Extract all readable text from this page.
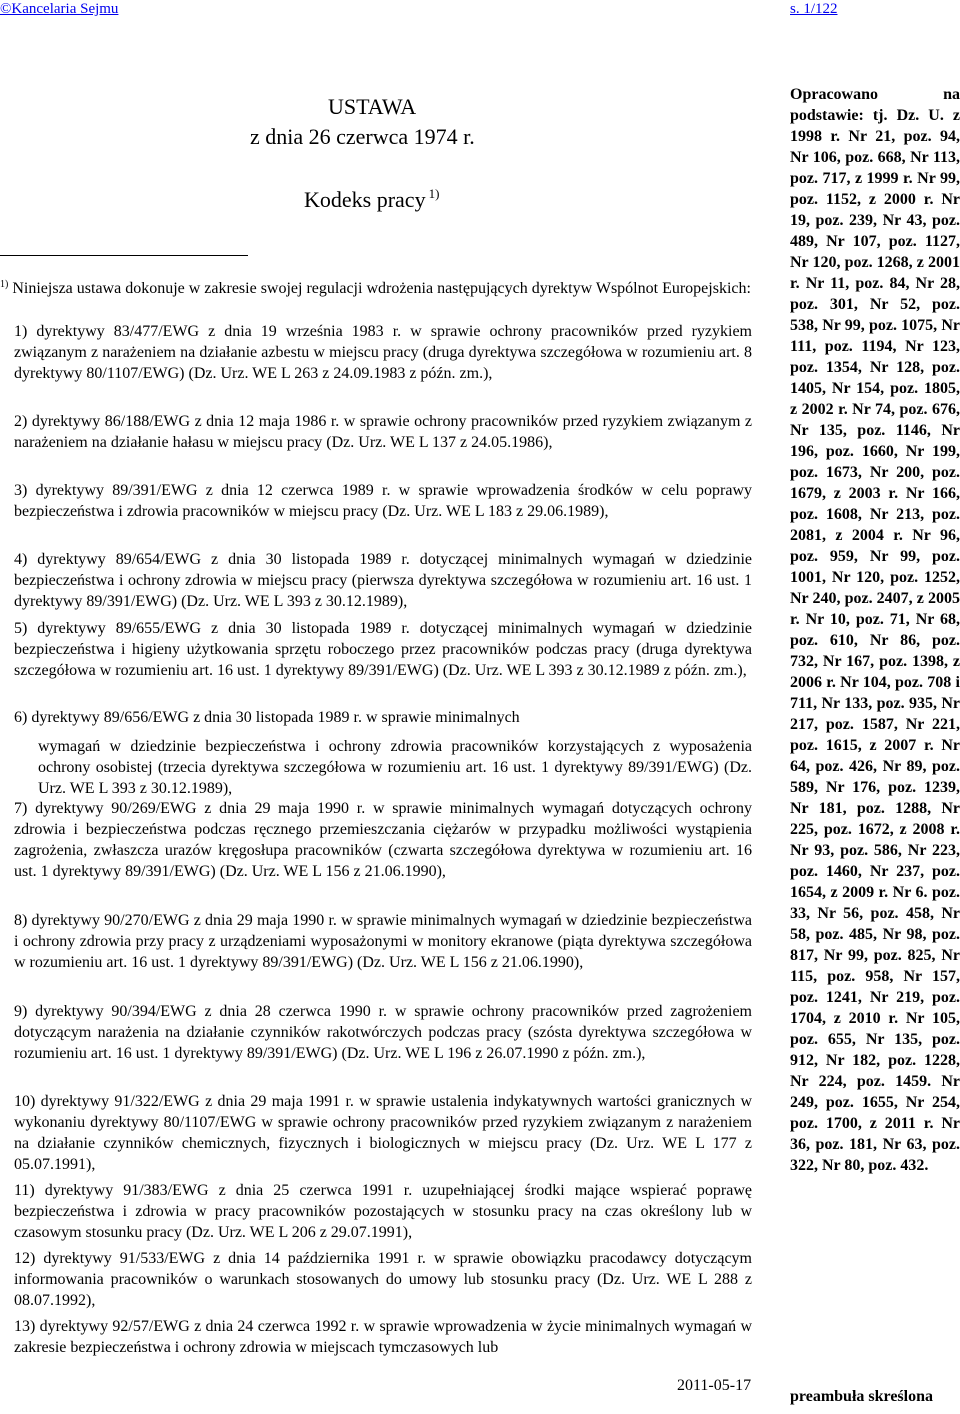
©Kancelaria Sejmu	s. 1/122
USTAWA
z dnia 26 czerwca 1974 r.
Kodeks pracy $^{1)}$
$^{1)}$ Niniejsza ustawa dokonuje w zakresie swojej regulacji wdrożenia następujących dyrektyw Wspólnot Europejskich:
1) dyrektywy 83/477/EWG z dnia 19 września 1983 r. w sprawie ochrony pracowników przed ryzykiem związanym z narażeniem na działanie azbestu w miejscu pracy (druga dyrektywa szczegółowa w rozumieniu art. 8 dyrektywy 80/1107/EWG) (Dz. Urz. WE L 263 z 24.09.1983 z późn. zm.),
2) dyrektywy 86/188/EWG z dnia 12 maja 1986 r. w sprawie ochrony pracowników przed ryzykiem związanym z narażeniem na działanie hałasu w miejscu pracy (Dz. Urz. WE L 137 z 24.05.1986),
3) dyrektywy 89/391/EWG z dnia 12 czerwca 1989 r. w sprawie wprowadzenia środków w celu poprawy bezpieczeństwa i zdrowia pracowników w miejscu pracy (Dz. Urz. WE L 183 z 29.06.1989),
4) dyrektywy 89/654/EWG z dnia 30 listopada 1989 r. dotyczącej minimalnych wymagań w dziedzinie bezpieczeństwa i ochrony zdrowia w miejscu pracy (pierwsza dyrektywa szczegółowa w rozumieniu art. 16 ust. 1 dyrektywy 89/391/EWG) (Dz. Urz. WE L 393 z 30.12.1989),
5) dyrektywy 89/655/EWG z dnia 30 listopada 1989 r. dotyczącej minimalnych wymagań w dziedzinie bezpieczeństwa i higieny użytkowania sprzętu roboczego przez pracowników podczas pracy (druga dyrektywa szczegółowa w rozumieniu art. 16 ust. 1 dyrektywy 89/391/EWG) (Dz. Urz. WE L 393 z 30.12.1989 z późn. zm.),
6) dyrektywy 89/656/EWG z dnia 30 listopada 1989 r. w sprawie minimalnych
wymagań w dziedzinie bezpieczeństwa i ochrony zdrowia pracowników korzystających z wyposażenia ochrony osobistej (trzecia dyrektywa szczegółowa w rozumieniu art. 16 ust. 1 dyrektywy 89/391/EWG) (Dz. Urz. WE L 393 z 30.12.1989),
7) dyrektywy 90/269/EWG z dnia 29 maja 1990 r. w sprawie minimalnych wymagań dotyczących ochrony zdrowia i bezpieczeństwa podczas ręcznego przemieszczania ciężarów w przypadku możliwości wystąpienia zagrożenia, zwłaszcza urazów kręgosłupa pracowników (czwarta szczegółowa dyrektywa w rozumieniu art. 16 ust. 1 dyrektywy 89/391/EWG) (Dz. Urz. WE L 156 z 21.06.1990),
8) dyrektywy 90/270/EWG z dnia 29 maja 1990 r. w sprawie minimalnych wymagań w dziedzinie bezpieczeństwa i ochrony zdrowia przy pracy z urządzeniami wyposażonymi w monitory ekranowe (piąta dyrektywa szczegółowa w rozumieniu art. 16 ust. 1 dyrektywy 89/391/EWG) (Dz. Urz. WE L 156 z 21.06.1990),
9) dyrektywy 90/394/EWG z dnia 28 czerwca 1990 r. w sprawie ochrony pracowników przed zagrożeniem dotyczącym narażenia na działanie czynników rakotwórczych podczas pracy (szósta dyrektywa szczegółowa w rozumieniu art. 16 ust. 1 dyrektywy 89/391/EWG) (Dz. Urz. WE L 196 z 26.07.1990 z późn. zm.),
10) dyrektywy 91/322/EWG z dnia 29 maja 1991 r. w sprawie ustalenia indykatywnych wartości granicznych w wykonaniu dyrektywy 80/1107/EWG w sprawie ochrony pracowników przed ryzykiem związanym z narażeniem na działanie czynników chemicznych, fizycznych i biologicznych w miejscu pracy (Dz. Urz. WE L 177 z 05.07.1991),
11) dyrektywy 91/383/EWG z dnia 25 czerwca 1991 r. uzupełniającej środki mające wspierać poprawę bezpieczeństwa i zdrowia w pracy pracowników pozostających w stosunku pracy na czas określony lub w czasowym stosunku pracy (Dz. Urz. WE L 206 z 29.07.1991),
12) dyrektywy 91/533/EWG z dnia 14 października 1991 r. w sprawie obowiązku pracodawcy dotyczącym informowania pracowników o warunkach stosowanych do umowy lub stosunku pracy (Dz. Urz. WE L 288 z 08.07.1992),
13) dyrektywy 92/57/EWG z dnia 24 czerwca 1992 r. w sprawie wprowadzenia w życie minimalnych wymagań w zakresie bezpieczeństwa i ochrony zdrowia w miejscach tymczasowych lub
2011-05-17
Opracowano na podstawie: tj. Dz. U. z 1998 r. Nr 21, poz. 94, Nr 106, poz. 668, Nr 113, poz. 717, z 1999 r. Nr 99, poz. 1152, z 2000 r. Nr 19, poz. 239, Nr 43, poz. 489, Nr 107, poz. 1127, Nr 120, poz. 1268, z 2001 r. Nr 11, poz. 84, Nr 28, poz. 301, Nr 52, poz. 538, Nr 99, poz. 1075, Nr 111, poz. 1194, Nr 123, poz. 1354, Nr 128, poz. 1405, Nr 154, poz. 1805, z 2002 r. Nr 74, poz. 676, Nr 135, poz. 1146, Nr 196, poz. 1660, Nr 199, poz. 1673, Nr 200, poz. 1679, z 2003 r. Nr 166, poz. 1608, Nr 213, poz. 2081, z 2004 r. Nr 96, poz. 959, Nr 99, poz. 1001, Nr 120, poz. 1252, Nr 240, poz. 2407, z 2005 r. Nr 10, poz. 71, Nr 68, poz. 610, Nr 86, poz. 732, Nr 167, poz. 1398, z 2006 r. Nr 104, poz. 708 i 711, Nr 133, poz. 935, Nr 217, poz. 1587, Nr 221, poz. 1615, z 2007 r. Nr 64, poz. 426, Nr 89, poz. 589, Nr 176, poz. 1239, Nr 181, poz. 1288, Nr 225, poz. 1672, z 2008 r. Nr 93, poz. 586, Nr 223, poz. 1460, Nr 237, poz. 1654, z 2009 r. Nr 6. poz. 33, Nr 56, poz. 458, Nr 58, poz. 485, Nr 98, poz. 817, Nr 99, poz. 825, Nr 115, poz. 958, Nr 157, poz. 1241, Nr 219, poz. 1704, z 2010 r. Nr 105, poz. 655, Nr 135, poz. 912, Nr 182, poz. 1228, Nr 224, poz. 1459. Nr 249, poz. 1655, Nr 254, poz. 1700, z 2011 r. Nr 36, poz. 181, Nr 63, poz. 322, Nr 80, poz. 432.
preambuła skreślona
